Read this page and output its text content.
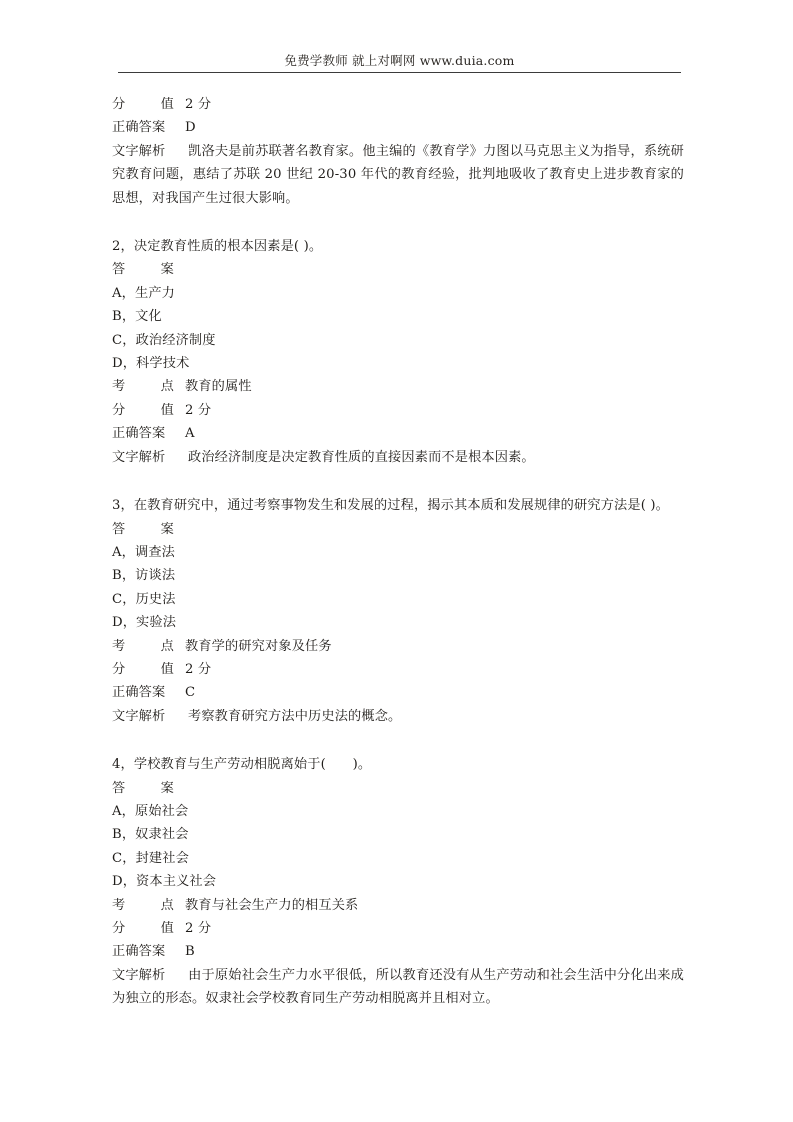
免费学教师 就上对啊网 www.duia.com
分　值 2 分
正确答案 D
文字解析 凯洛夫是前苏联著名教育家。他主编的《教育学》力图以马克思主义为指导，系统研究教育问题，惠结了苏联 20 世纪 20-30 年代的教育经验，批判地吸收了教育史上进步教育家的思想，对我国产生过很大影响。
2，决定教育性质的根本因素是( )。
答　案
A，生产力
B，文化
C，政治经济制度
D，科学技术
考　点 教育的属性
分　值 2 分
正确答案 A
文字解析 政治经济制度是决定教育性质的直接因素而不是根本因素。
3，在教育研究中，通过考察事物发生和发展的过程，揭示其本质和发展规律的研究方法是( )。
答　案
A，调查法
B，访谈法
C，历史法
D，实验法
考　点 教育学的研究对象及任务
分　值 2 分
正确答案 C
文字解析 考察教育研究方法中历史法的概念。
4，学校教育与生产劳动相脱离始于(　　)。
答　案
A，原始社会
B，奴隶社会
C，封建社会
D，资本主义社会
考　点 教育与社会生产力的相互关系
分　值 2 分
正确答案 B
文字解析 由于原始社会生产力水平很低，所以教育还没有从生产劳动和社会生活中分化出来成为独立的形态。奴隶社会学校教育同生产劳动相脱离并且相对立。
